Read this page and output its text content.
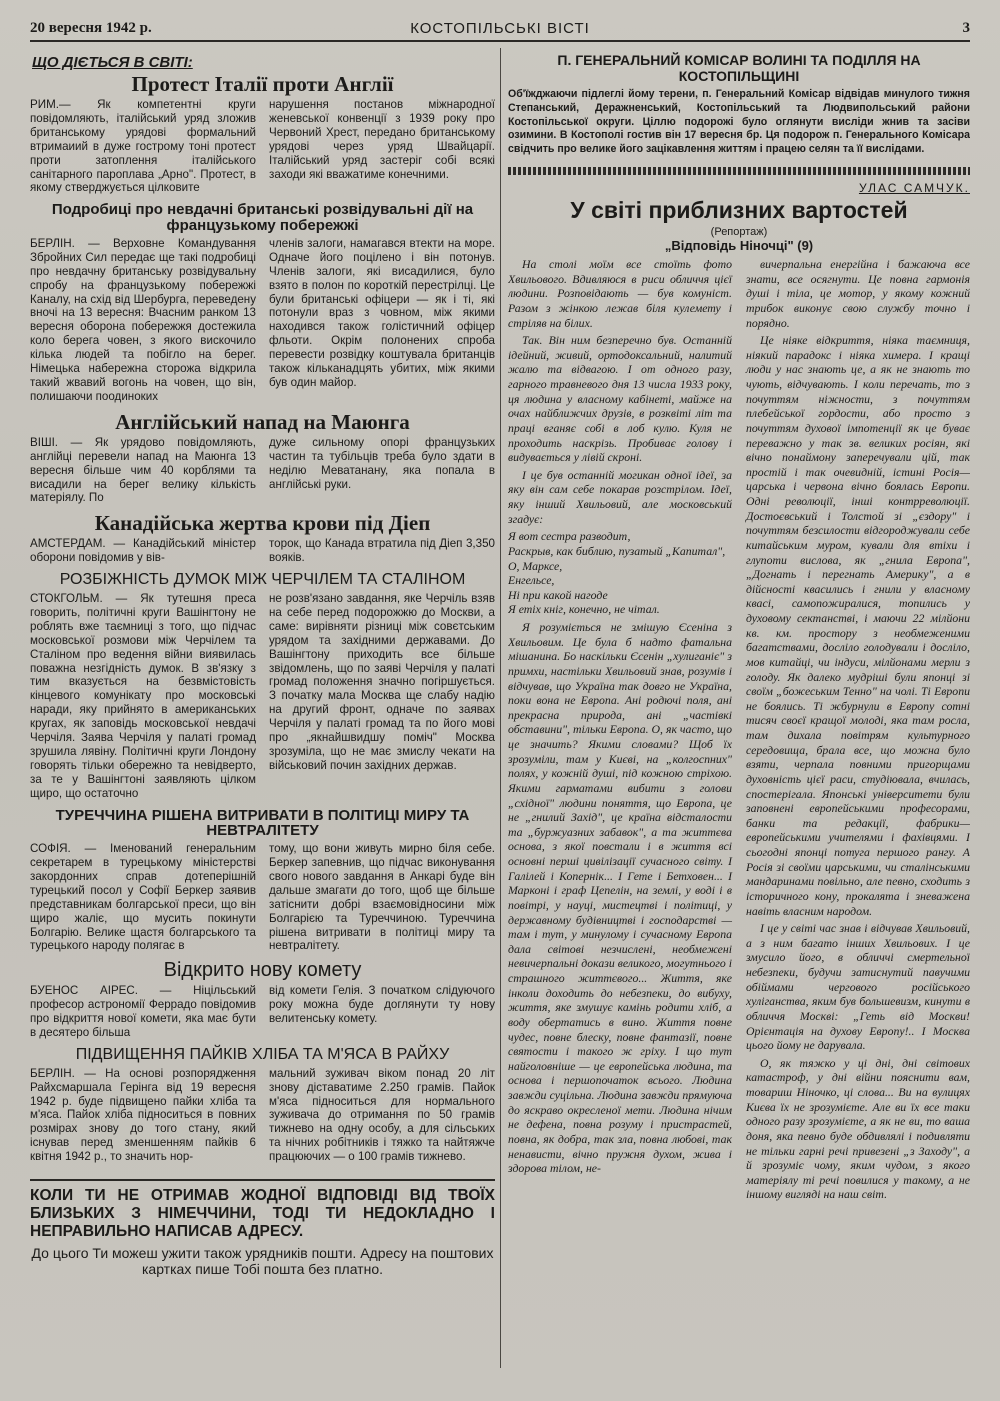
20 вересня 1942 р.	КОСТОПІЛЬСЬКІ ВІСТІ	3
ЩО ДІЄТЬСЯ В СВІТІ:
Протест Італії проти Англії

РИМ.— Як компетентні круги повідомляють, італійський уряд зложив британському урядові формальний втримаиий в дуже гострому тоні протест проти затоплення італійського санітарного пароплава „Арно". Протест, в якому стверджується цілковите

нарушення постанов міжнародної женевської конвенції з 1939 року про Червоний Хрест, передано британському урядові через уряд Швайцарії. Італійський уряд застеріг собі всякі заходи які вважатиме конечними.

Подробиці про невдачні британські розвідувальні дії на французькому побережжі

БЕРЛІН. — Верховне Командування Збройних Сил передає ще такі подробиці про невдачну британську розвідувальну спробу на французькому побережжі Каналу, на схід від Шербурга, переведену вночі на 13 вересня: Вчасним ранком 13 вересня оборона побережжя достежила коло берега човен, з якого вискочило кілька людей та побігло на берег. Німецька набережна сторожа відкрила такий жвавий вогонь на човен, що він, полишаючи поодиноких

членів залоги, намагався втекти на море. Одначе його поцілено і він потонув. Членів залоги, які висадилися, було взято в полон по короткій перестрілці. Це були британські офіцери — як і ті, які потонули враз з човном, між якими находився також голістичний офіцер фльоти. Окрім полонених спроба перевести розвідку коштувала британців також кільканадцять убитих, між якими був один майор.

Англійський напад на Маюнга

ВІШІ. — Як урядово повідомляють, англійці перевели напад на Маюнга 13 вересня більше чим 40 корблями та висадили на берег велику кількість матеріялу. По

дуже сильному опорі французьких частин та тубільців треба було здати в неділю Меватанану, яка попала в англійські руки.

Канадійська жертва крови під Діеп

АМСТЕРДАМ. — Канадійський міністер оборони повідомив у вів-

торок, що Канада втратила під Діеп 3,350 вояків.

РОЗБІЖНІСТЬ ДУМОК МІЖ ЧЕРЧІЛЕМ ТА СТАЛІНОМ

СТОКГОЛЬМ. — Як тутешня преса говорить, політичні круги Вашінгтону не роблять вже таємниці з того, що підчас московської розмови між Черчілем та Сталіном про ведення війни виявилась поважна незгідність думок. В зв'язку з тим вказується на безвмістовість кінцевого комунікату про московські наради, яку прийнято в американських кругах, як заповідь московської невдачі Черчіля. Заява Черчіля у палаті громад зрушила лявіну. Політичні круги Лондону говорять тільки обережно та невідверто, за те у Вашінгтоні заявляють цілком щиро, що остаточно

не розв'язано завдання, яке Черчіль взяв на себе перед подорожжю до Москви, а саме: вирівняти різниці між совєтським урядом та західними державами. До Вашінгтону приходить все більше звідомлень, що по заяві Черчіля у палаті громад положення значно погіршується. З початку мала Москва ще слабу надію на другий фронт, одначе по заявах Черчіля у палаті громад та по його мові про „якнайшвидшу поміч" Москва зрозуміла, що не має змислу чекати на військовий почин західних держав.

ТУРЕЧЧИНА РІШЕНА ВИТРИВАТИ В ПОЛІТИЦІ МИРУ ТА НЕВТРАЛІТЕТУ

СОФІЯ. — Іменований генеральним секретарем в турецькому міністерстві закордонних справ дотеперішній турецький посол у Софії Беркер заявив представникам болгарської преси, що він щиро жаліє, що мусить покинути Болгарію. Велике щастя болгарського та турецького народу полягає в

тому, що вони живуть мирно біля себе. Беркер запевнив, що підчас виконування свого нового завдання в Анкарі буде він дальше змагати до того, щоб ще більше затіснити добрі взаємовідносини між Болгарією та Туреччиною. Туреччина рішена витривати в політиці миру та невтралітету.

Відкрито нову комету

БУЕНОС АІРЕС. — Ніцільський професор астрономії Феррадо повідомив про відкриття нової комети, яка має бути в десятеро більша

від комети Гелія. З початком слідуючого року можна буде доглянути ту нову велитенську комету.

ПІДВИЩЕННЯ ПАЙКІВ ХЛІБА ТА М'ЯСА В РАЙХУ

БЕРЛІН. — На основі розпорядження Райхсмаршала Герінга від 19 вересня 1942 р. буде підвищено пайки хліба та м'яса. Пайок хліба підноситься в повних розмірах знову до того стану, який існував перед зменшенням пайків 6 квітня 1942 р., то значить нор-

мальний зуживач віком понад 20 літ знову діставатиме 2.250 грамів. Пайок м'яса підноситься для нормального зуживача до отримання по 50 грамів тижнево на одну особу, а для сільських та нічних робітників і тяжко та найтяжче працюючих — о 100 грамів тижнево.

КОЛИ ТИ НЕ ОТРИМАВ ЖОДНОЇ ВІДПОВІДІ ВІД ТВОЇХ БЛИЗЬКИХ З НІМЕЧЧИНИ, ТОДІ ТИ НЕДОКЛАДНО І НЕПРАВИЛЬНО НАПИСАВ АДРЕСУ.

До цього Ти можеш ужити також урядників пошти. Адресу на поштових картках пише Тобі пошта без платно.

П. ГЕНЕРАЛЬНИЙ КОМІСАР ВОЛИНІ ТА ПОДІЛЛЯ НА КОСТОПІЛЬЩИНІ

Об'їжджаючи підлеглі йому терени, п. Генеральний Комісар відвідав минулого тижня Степанський, Деражненський, Костопільський та Людвипольський райони Костопільської округи. Ціллю подорожі було оглянути висліди жнив та засіви озимини. В Костополі гостив він 17 вересня бр. Ця подорож п. Генерального Комісара свідчить про велике його зацікавлення життям і працею селян та її вислідами.

УЛАС САМЧУК.
У світі приблизних вартостей

(Репортаж)

„Відповідь Ніночці" (9)

На столі моїм все стоїть фото Хвильового. Вдивляюся в риси обличчя цієї людини. Розповідають — був комуніст. Разом з жінкою лежав біля кулемету і стріляв на білих.

Так. Він ним безперечно був. Останній ідейний, живий, ортодоксальний, налитий жалю та відвагою. І от одного разу, гарного травневого дня 13 числа 1933 року, ця людина у власному кабінеті, майже на очах найближчих друзів, в розквіті літ та праці вганяє собі в лоб кулю. Куля не проходить наскрізь. Пробиває голову і видувається у лівій скроні.

І це був останній могикан одної ідеї, за яку він сам себе покарав розстрілом. Ідеї, яку інший Хвильовий, але московський згадує:

Я вот сестра разводит,
Раскрыв, как библию, пузатый „Капитал",
О, Марксе,
Енгельсе,
Ні при какой нагоде
Я етіх кніг, конечно, не чітал.

Я розуміється не змішую Єсеніна з Хвильовим. Це була б надто фатальна мішанина. Бо наскільки Єсенін „хулиганіє" з примхи, настільки Хвильовий знав, розумів і відчував, що Україна так довго не Україна, поки вона не Европа. Ані родючі поля, ані прекрасна природа, ані „частівкі обставини", тільки Европа. О, як часто, що це значить? Якими словами? Щоб їх зрозуміли, там у Києві, на „колгоспних" полях, у кожній душі, під кожною стріхою. Якими гарматами вибити з голови „східної" людини поняття, що Европа, це не „гнилий Захід", це країна відсталости та „буржуазних забавок", а та життєва основа, з якої повстали і в життя всі основні перші цивілізації сучасного світу. І Галілей і Копернік... І Гете і Бетховен... І Марконі і граф Цепелін, на землі, у воді і в повітрі, у науці, мистецтві і політиці, у державному будівництві і господарстві — там і тут, у минулому і сучасному Европа дала світові незчислені, необмежені невичерпальні докази великого, могутнього і страшного життєвого... Життя, яке інколи доходить до небезпеки, до вибуху, життя, яке змушує камінь родити хліб, а воду обертатись в вино. Життя повне чудес, повне блеску, повне фантазії, повне святости і такого ж гріху. І що тут найголовніше — це европейська людина, та основа і першопочаток всього. Людина завжди суцільна. Людина завжди прямуюча до яскраво окресленої мети. Людина нічим не дефена, повна розуму і пристрастей, повна, як добра, так зла, повна любові, так ненависти, вічно пружня духом, жива і здорова тілом, не-

вичерпальна енергійна і бажаюча все знати, все осягнути. Це повна гармонія душі і тіла, це мотор, у якому кожний трибок виконує свою службу точно і порядно.

Це ніяке відкриття, ніяка таємниця, ніякий парадокс і ніяка химера. І кращі люди у нас знають це, а як не знають то чують, відчувають. І коли перечать, то з почуттям ніжности, з почуттям плебейської гордости, або просто з почуттям духової імпотенції як це буває переважно у так зв. великих росіян, які вічно понаймону заперечували цій, так простій і так очевидній, істині Росія—царська і червона вічно боялась Европи. Одні революції, інші контрреволюції. Достоєвський і Толстой зі „єздору" і почуттям безсилости відгороджували себе китайським муром, кували для втіхи і глупоти вислова, як „гнила Европа", „Догнать і перегнать Америку", а в дійсності квасились і гнили у власному квасі, самопожиралися, топились у духовому сектанстві, і маючи 22 мілйони кв. км. простору з необмеженими багатствами, досліло голодували і досліло, мов китайці, чи індуси, мілйонами мерли з голоду. Як далеко мудріші були японці зі своїм „божеським Тенно" на чолі. Ті Европи не боялись. Ті жбурнули в Европу сотні тисяч своєї кращої молоді, яка там росла, там дихала повітрям культурного середовища, брала все, що можна було взяти, черпала повними пригорщами духовність цієї раси, студіювала, вчилась, спостерігала. Японські університети були заповнені европейськими професорами, банки та редакції, фабрики—европейськими учителями і фахівцями. І сьогодні японці потуга першого рангу. А Росія зі своїми царськими, чи сталінськими мандаринами повільно, але певно, сходить з історичного кону, прокалята і зневажена навіть власним народом.

І це у світі час знав і відчував Хвильовий, а з ним багато інших Хвильових. І це змусило його, в обличчі смертельної небезпеки, будучи затиснутий павучими обіймами чергового російського хуліганства, яким був большевизм, кинути в обличчя Москві: „Геть від Москви! Орієнтація на духову Европу!.. І Москва цього йому не дарувала.

О, як тяжко у ці дні, дні світових катастроф, у дні війни пояснити вам, товариш Ніночко, ці слова... Ви на вулицях Києва їх не зрозумієте. Але ви їх все таки одного разу зрозумієте, а як не ви, то ваша доня, яка певно буде обдивлялі і подивляти не тільки гарні речі привезені „з Заходу", а й зрозуміє чому, яким чудом, з якого матеріялу ті речі повилися у такому, а не іншому вигляді на наш світ.
